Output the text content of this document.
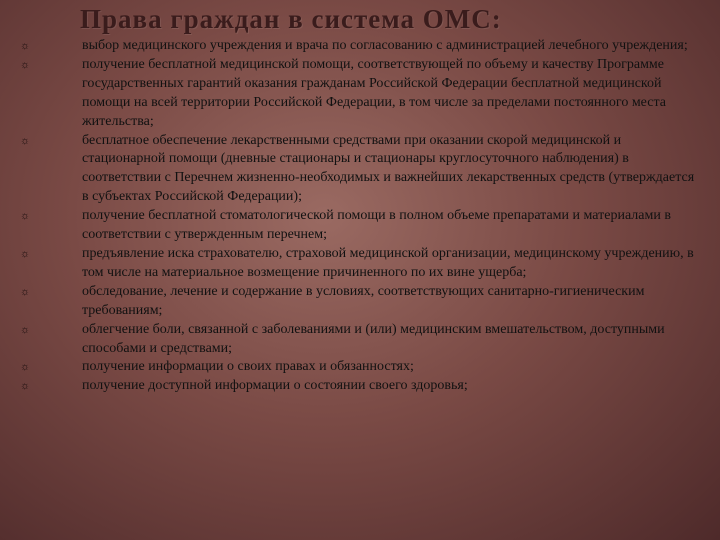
Права граждан в система ОМС:
☼	выбор медицинского учреждения и врача по согласованию с администрацией лечебного учреждения;
☼	получение бесплатной медицинской помощи, соответствующей по объему и качеству Программе государственных гарантий оказания гражданам Российской Федерации бесплатной медицинской помощи на всей территории Российской Федерации, в том числе за пределами постоянного места жительства;
☼	бесплатное обеспечение лекарственными средствами при оказании скорой медицинской и стационарной помощи (дневные стационары и стационары круглосуточного наблюдения) в соответствии с Перечнем жизненно-необходимых и важнейших лекарственных средств (утверждается в субъектах Российской Федерации);
☼	получение бесплатной стоматологической помощи в полном объеме препаратами и материалами в соответствии с утвержденным перечнем;
☼	предъявление иска страхователю, страховой медицинской организации, медицинскому учреждению, в том числе на материальное возмещение причиненного по их вине ущерба;
☼	обследование, лечение и содержание в условиях, соответствующих санитарно-гигиеническим требованиям;
☼	облегчение боли, связанной с заболеваниями и (или) медицинским вмешательством, доступными способами и средствами;
☼	получение информации о своих правах и обязанностях;
☼	получение доступной информации о состоянии своего здоровья;
